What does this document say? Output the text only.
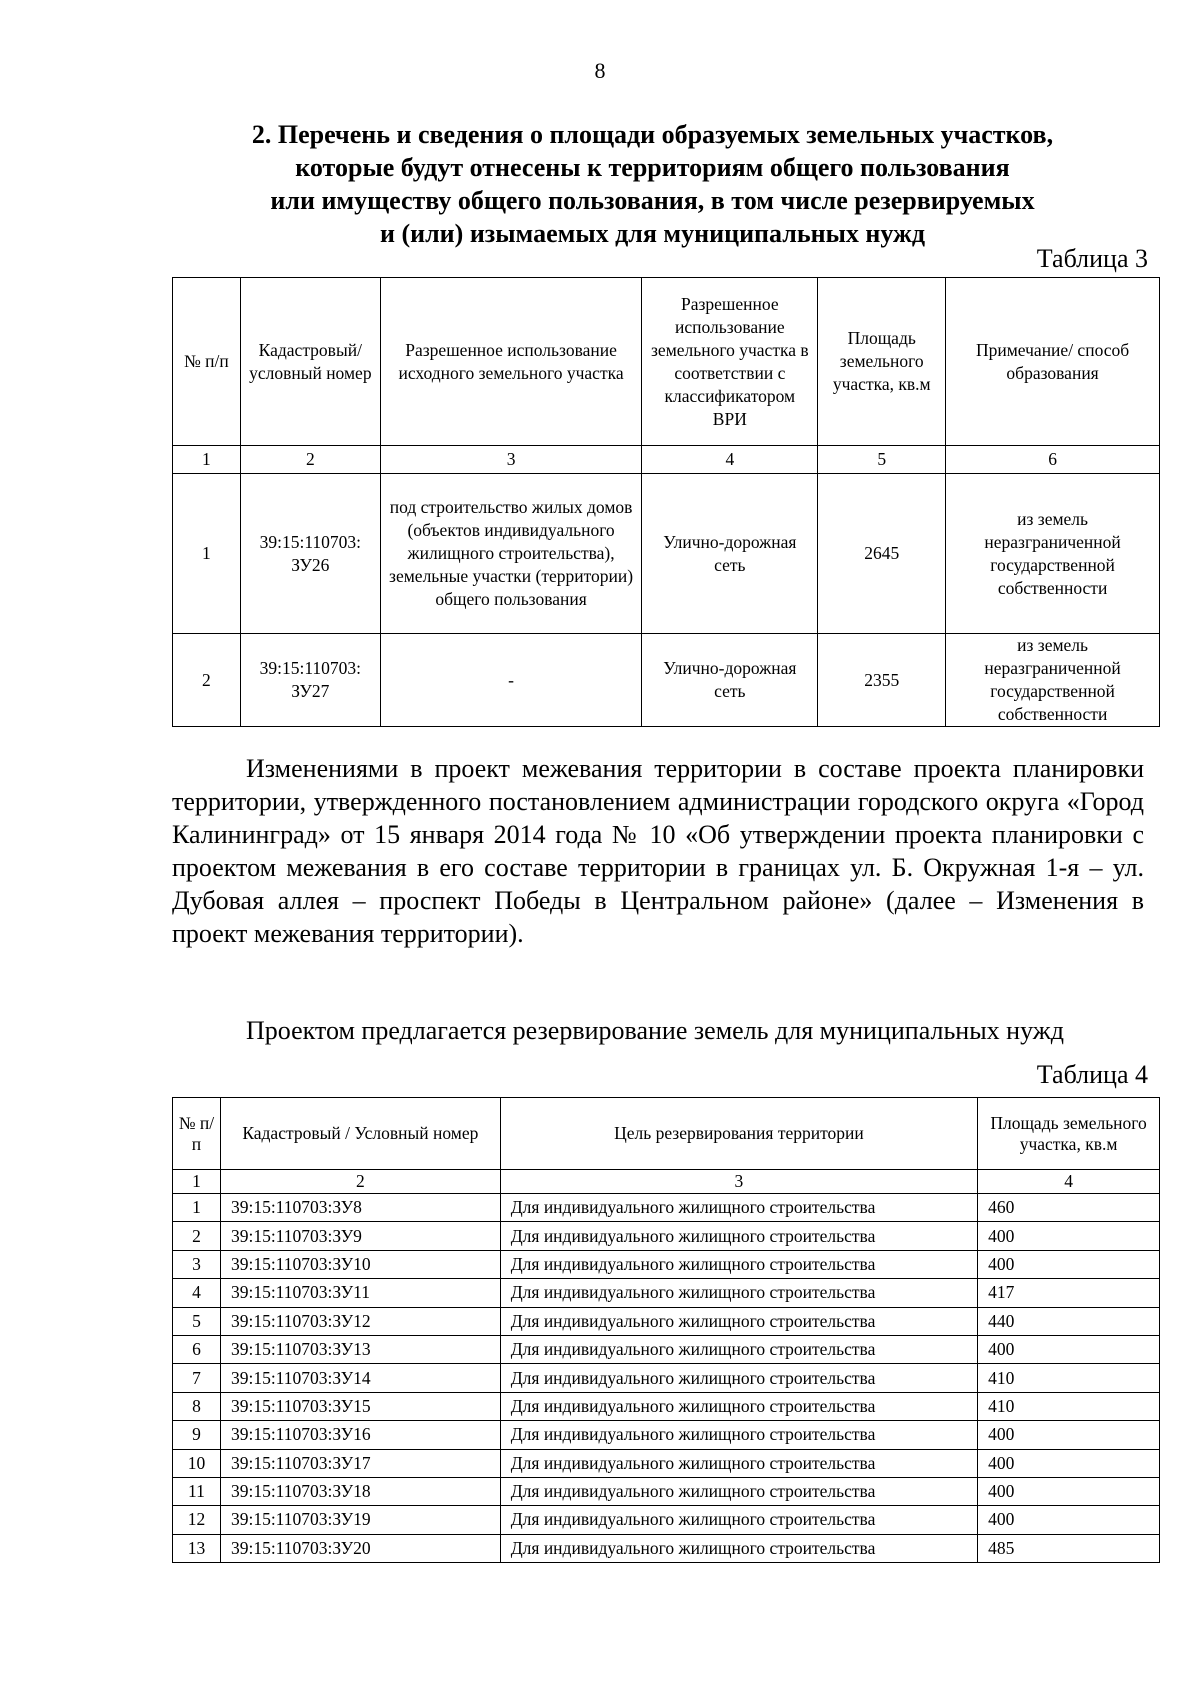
8
2. Перечень и сведения о площади образуемых земельных участков,
которые будут отнесены к территориям общего пользования
или имуществу общего пользования, в том числе резервируемых
и (или) изымаемых для муниципальных нужд
Таблица 3
№ п/п	Кадастровый/ условный номер	Разрешенное использование исходного земельного участка	Разрешенное использование земельного участка в соответствии с классификатором ВРИ	Площадь земельного участка, кв.м	Примечание/ способ образования
1	2	3	4	5	6
1	39:15:110703: ЗУ26	под строительство жилых домов (объектов индивидуального жилищного строительства), земельные участки (территории) общего пользования	Улично-дорожная сеть	2645	из земель неразграниченной государственной собственности
2	39:15:110703: ЗУ27	-	Улично-дорожная сеть	2355	из земель неразграниченной государственной собственности

Изменениями в проект межевания территории в составе проекта планировки территории, утвержденного постановлением администрации городского округа «Город Калининград» от 15 января 2014 года № 10 «Об утверждении проекта планировки с проектом межевания в его составе территории в границах ул. Б. Окружная 1-я – ул. Дубовая аллея – проспект Победы в Центральном районе» (далее – Изменения в проект межевания территории).

Проектом предлагается резервирование земель для муниципальных нужд

Таблица 4
№ п/п	Кадастровый / Условный номер	Цель резервирования территории	Площадь земельного участка, кв.м
1	2	3	4
1	39:15:110703:ЗУ8	Для индивидуального жилищного строительства	460
2	39:15:110703:ЗУ9	Для индивидуального жилищного строительства	400
3	39:15:110703:ЗУ10	Для индивидуального жилищного строительства	400
4	39:15:110703:ЗУ11	Для индивидуального жилищного строительства	417
5	39:15:110703:ЗУ12	Для индивидуального жилищного строительства	440
6	39:15:110703:ЗУ13	Для индивидуального жилищного строительства	400
7	39:15:110703:ЗУ14	Для индивидуального жилищного строительства	410
8	39:15:110703:ЗУ15	Для индивидуального жилищного строительства	410
9	39:15:110703:ЗУ16	Для индивидуального жилищного строительства	400
10	39:15:110703:ЗУ17	Для индивидуального жилищного строительства	400
11	39:15:110703:ЗУ18	Для индивидуального жилищного строительства	400
12	39:15:110703:ЗУ19	Для индивидуального жилищного строительства	400
13	39:15:110703:ЗУ20	Для индивидуального жилищного строительства	485
